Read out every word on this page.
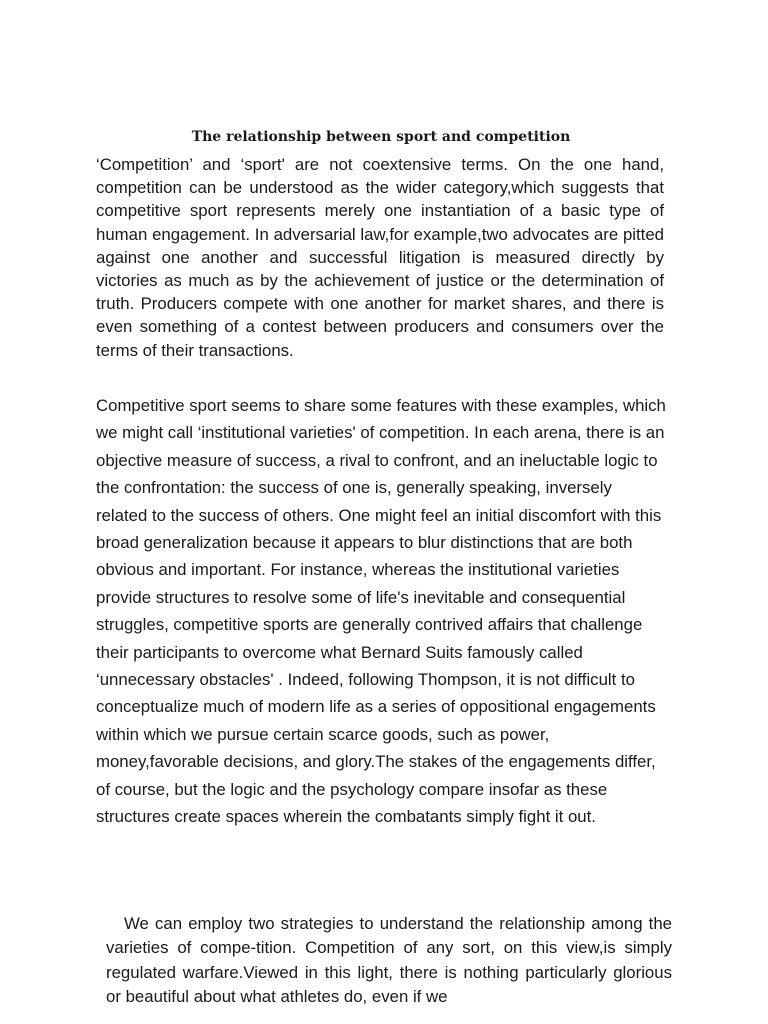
The relationship between sport and competition

‘Competition’ and ‘sport' are not coextensive terms. On the one hand, competition can be understood as the wider category,which suggests that competitive sport represents merely one instantiation of a basic type of human engagement. In adversarial law,for example,two advocates are pitted against one another and successful litigation is measured directly by victories as much as by the achievement of justice or the determination of truth. Producers compete with one another for market shares, and there is even something of a contest between producers and consumers over the terms of their transactions.

Competitive sport seems to share some features with these examples, which we might call ‘institutional varieties' of competition. In each arena, there is an objective measure of success, a rival to confront, and an ineluctable logic to the confrontation: the success of one is, generally speaking, inversely related to the success of others. One might feel an initial discomfort with this broad generalization because it appears to blur distinctions that are both obvious and important. For instance, whereas the institutional varieties provide structures to resolve some of life's inevitable and consequential struggles, competitive sports are generally contrived affairs that challenge their participants to overcome what Bernard Suits famously called ‘unnecessary obstacles' . Indeed, following Thompson, it is not difficult to conceptualize much of modern life as a series of oppositional engagements within which we pursue certain scarce goods, such as power, money,favorable decisions, and glory.The stakes of the engagements differ, of course, but the logic and the psychology compare insofar as these structures create spaces wherein the combatants simply fight it out.

We can employ two strategies to understand the relationship among the varieties of compe-tition. Competition of any sort, on this view,is simply regulated warfare.Viewed in this light, there is nothing particularly glorious or beautiful about what athletes do, even if we
